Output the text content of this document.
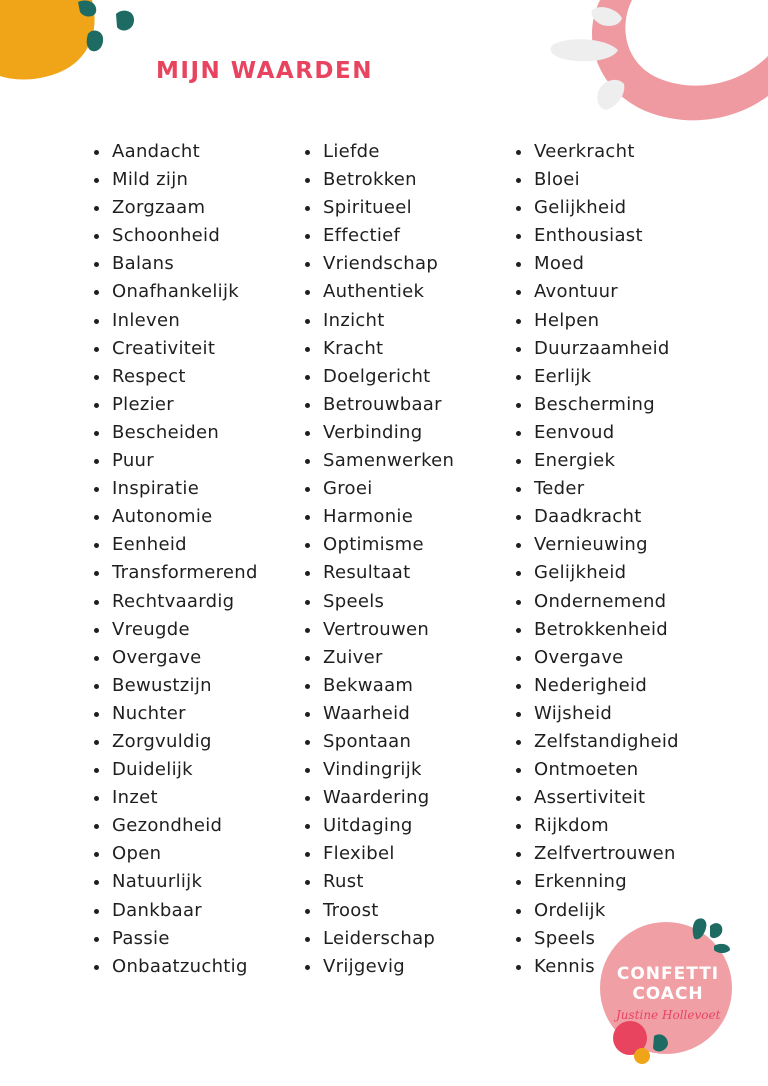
MIJN WAARDEN
Aandacht
Mild zijn
Zorgzaam
Schoonheid
Balans
Onafhankelijk
Inleven
Creativiteit
Respect
Plezier
Bescheiden
Puur
Inspiratie
Autonomie
Eenheid
Transformerend
Rechtvaardig
Vreugde
Overgave
Bewustzijn
Nuchter
Zorgvuldig
Duidelijk
Inzet
Gezondheid
Open
Natuurlijk
Dankbaar
Passie
Onbaatzuchtig
Liefde
Betrokken
Spiritueel
Effectief
Vriendschap
Authentiek
Inzicht
Kracht
Doelgericht
Betrouwbaar
Verbinding
Samenwerken
Groei
Harmonie
Optimisme
Resultaat
Speels
Vertrouwen
Zuiver
Bekwaam
Waarheid
Spontaan
Vindingrijk
Waardering
Uitdaging
Flexibel
Rust
Troost
Leiderschap
Vrijgevig
Veerkracht
Bloei
Gelijkheid
Enthousiast
Moed
Avontuur
Helpen
Duurzaamheid
Eerlijk
Bescherming
Eenvoud
Energiek
Teder
Daadkracht
Vernieuwing
Gelijkheid
Ondernemend
Betrokkenheid
Overgave
Nederigheid
Wijsheid
Zelfstandigheid
Ontmoeten
Assertiviteit
Rijkdom
Zelfvertrouwen
Erkenning
Ordelijk
Speels
Kennis	CONFETTI
COACH
Justine Hollevoet
